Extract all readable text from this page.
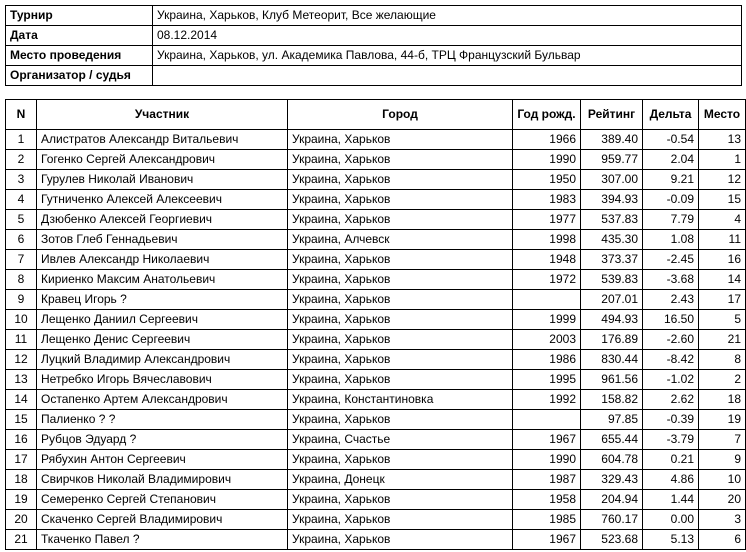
Турнир	Украина, Харьков, Клуб Метеорит, Все желающие
Дата	08.12.2014
Место проведения	Украина, Харьков, ул. Академика Павлова, 44-б, ТРЦ Французский Бульвар
Организатор / судья	
N	Участник	Город	Год рожд.	Рейтинг	Дельта	Место
1	Алистратов Александр Витальевич	Украина, Харьков	1966	389.40	-0.54	13
2	Гогенко Сергей Александрович	Украина, Харьков	1990	959.77	2.04	1
3	Гурулев Николай Иванович	Украина, Харьков	1950	307.00	9.21	12
4	Гутниченко Алексей Алексеевич	Украина, Харьков	1983	394.93	-0.09	15
5	Дзюбенко Алексей Георгиевич	Украина, Харьков	1977	537.83	7.79	4
6	Зотов Глеб Геннадьевич	Украина, Алчевск	1998	435.30	1.08	11
7	Ивлев Александр Николаевич	Украина, Харьков	1948	373.37	-2.45	16
8	Кириенко Максим Анатольевич	Украина, Харьков	1972	539.83	-3.68	14
9	Кравец Игорь ?	Украина, Харьков		207.01	2.43	17
10	Лещенко Даниил Сергеевич	Украина, Харьков	1999	494.93	16.50	5
11	Лещенко Денис Сергеевич	Украина, Харьков	2003	176.89	-2.60	21
12	Луцкий Владимир Александрович	Украина, Харьков	1986	830.44	-8.42	8
13	Нетребко Игорь Вячеславович	Украина, Харьков	1995	961.56	-1.02	2
14	Остапенко Артем Александрович	Украина, Константиновка	1992	158.82	2.62	18
15	Палиенко ? ?	Украина, Харьков		97.85	-0.39	19
16	Рубцов Эдуард ?	Украина, Счастье	1967	655.44	-3.79	7
17	Рябухин Антон Сергеевич	Украина, Харьков	1990	604.78	0.21	9
18	Свирчков Николай Владимирович	Украина, Донецк	1987	329.43	4.86	10
19	Семеренко Сергей Степанович	Украина, Харьков	1958	204.94	1.44	20
20	Скаченко Сергей Владимирович	Украина, Харьков	1985	760.17	0.00	3
21	Ткаченко Павел ?	Украина, Харьков	1967	523.68	5.13	6
